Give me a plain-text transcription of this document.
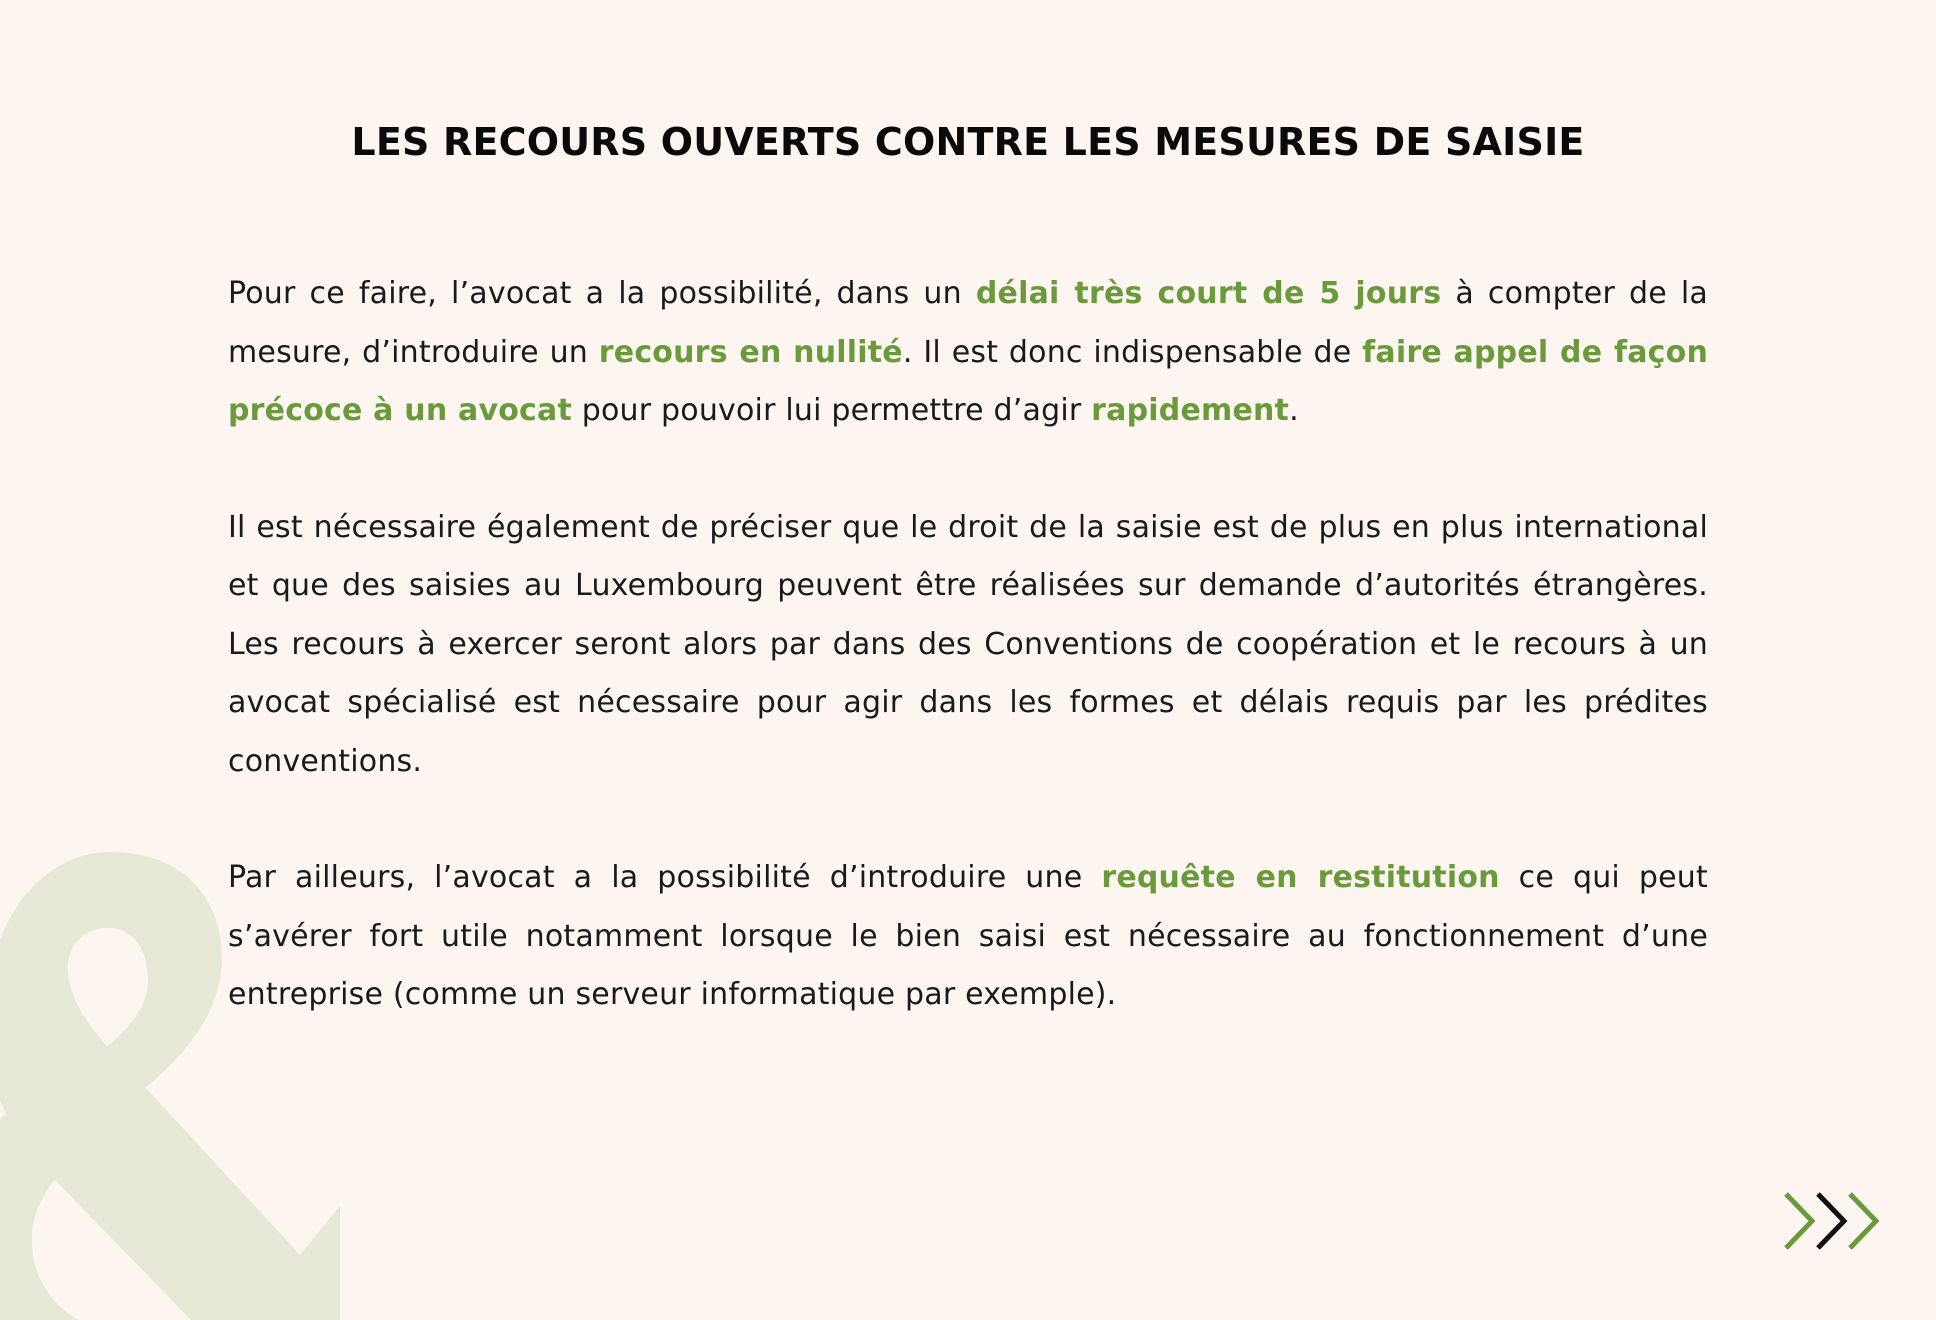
LES RECOURS OUVERTS CONTRE LES MESURES DE SAISIE

Pour ce faire, l’avocat a la possibilité, dans un délai très court de 5 jours à compter de la mesure, d’introduire un recours en nullité. Il est donc indispensable de faire appel de façon précoce à un avocat pour pouvoir lui permettre d’agir rapidement.

Il est nécessaire également de préciser que le droit de la saisie est de plus en plus international et que des saisies au Luxembourg peuvent être réalisées sur demande d’autorités étrangères. Les recours à exercer seront alors par dans des Conventions de coopération et le recours à un avocat spécialisé est nécessaire pour agir dans les formes et délais requis par les prédites conventions.

Par ailleurs, l’avocat a la possibilité d’introduire une requête en restitution ce qui peut s’avérer fort utile notamment lorsque le bien saisi est nécessaire au fonctionnement d’une entreprise (comme un serveur informatique par exemple).
